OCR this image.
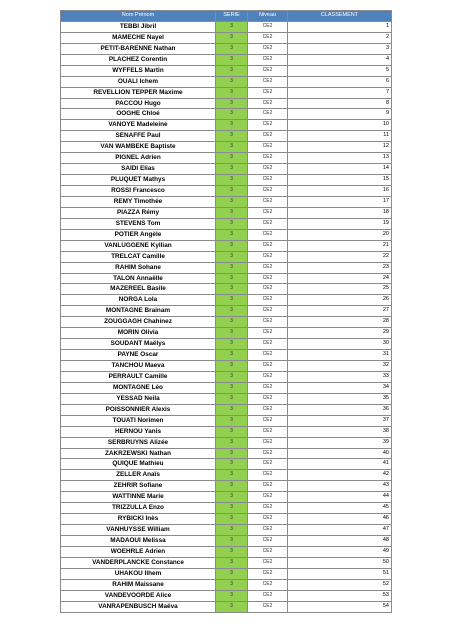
Nom Prénom	SERIE	Niveau	CLASSEMENT
TEBBI Jibril	3	CE2	1
MAMECHE Nayel	3	CE2	2
PETIT-BARENNE Nathan	3	CE2	3
PLACHEZ Corentin	3	CE2	4
WYFFELS Martin	3	CE2	5
OUALI Ichem	3	CE2	6
REVELLION TEPPER Maxime	3	CE2	7
PACCOU Hugo	3	CE2	8
OOGHE Chloé	3	CE2	9
VANOYE Madeleine	3	CE2	10
SENAFFE Paul	3	CE2	11
VAN WAMBEKE Baptiste	3	CE2	12
PIGNEL Adrien	3	CE2	13
SAIDI Elias	3	CE2	14
PLUQUET Mathys	3	CE2	15
ROSSI Francesco	3	CE2	16
REMY Timothée	3	CE2	17
PIAZZA Rémy	3	CE2	18
STEVENS Tom	3	CE2	19
POTIER Angèle	3	CE2	20
VANLUGGENE Kyllian	3	CE2	21
TRELCAT Camille	3	CE2	22
RAHIM Sohane	3	CE2	23
TALON Annaëlle	3	CE2	24
MAZEREEL Basile	3	CE2	25
NORGA Lola	3	CE2	26
MONTAGNE Brainam	3	CE2	27
ZOUGGAGH Chahinez	3	CE2	28
MORIN Olivia	3	CE2	29
SOUDANT Maëlys	3	CE2	30
PAYNE Oscar	3	CE2	31
TANCHOU Maeva	3	CE2	32
PERRAULT Camille	3	CE2	33
MONTAGNE Léo	3	CE2	34
YESSAD Neila	3	CE2	35
POISSONNIER Alexis	3	CE2	36
TOUATI Norimen	3	CE2	37
HERNOU Yanis	3	CE2	38
SERBRUYNS Alizée	3	CE2	39
ZAKRZEWSKI Nathan	3	CE2	40
QUIQUE Mathieu	3	CE2	41
ZELLER Anaïs	3	CE2	42
ZEHRIR Sofiane	3	CE2	43
WATTINNE Marie	3	CE2	44
TRIZZULLA Enzo	3	CE2	45
RYBICKI Inès	3	CE2	46
VANHUYSSE William	3	CE2	47
MADAOUI Melissa	3	CE2	48
WOEHRLE Adrien	3	CE2	49
VANDERPLANCKE Constance	3	CE2	50
UHAKOU Ilhem	3	CE2	51
RAHIM Maissane	3	CE2	52
VANDEVOORDE Alice	3	CE2	53
VANRAPENBUSCH Maëva	3	CE2	54
